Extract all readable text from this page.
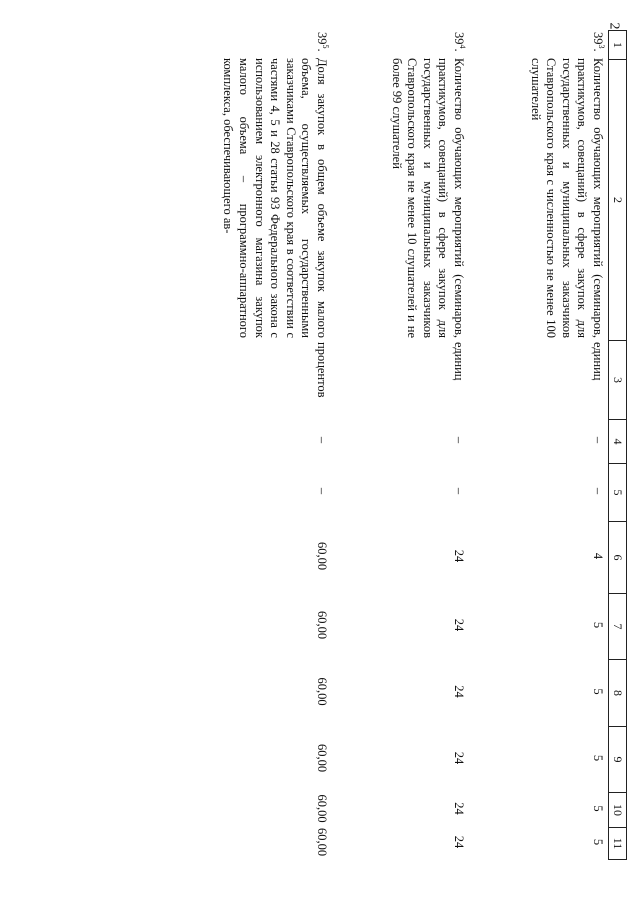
2
1
2
3
4
5
6
7
8
9
10
11
$39^3$.
Количество обучающих мероприятий (семинаров, практикумов, совещаний) в сфере закупок для государственных и муниципальных заказчиков Ставропольского края с численностью не менее 100 слушателей
единиц
–
–
4
5
5
5
5
5
$39^4$.
Количество обучающих мероприятий (семинаров, практикумов, совещаний) в сфере закупок для государственных и муниципальных заказчиков Ставропольского края не менее 10 слушателей и не более 99 слушателей
единиц
–
–
24
24
24
24
24
24
$39^5$.
Доля закупок в общем объеме закупок малого объема, осуществляемых государственными заказчиками Ставропольского края в соответствии с частями 4, 5 и 28 статьи 93 Федерального закона с использованием электронного магазина закупок малого объема – программно-аппаратного комплекса, обеспечивающего ав-
процентов
–
–
60,00
60,00
60,00
60,00
60,00
60,00
